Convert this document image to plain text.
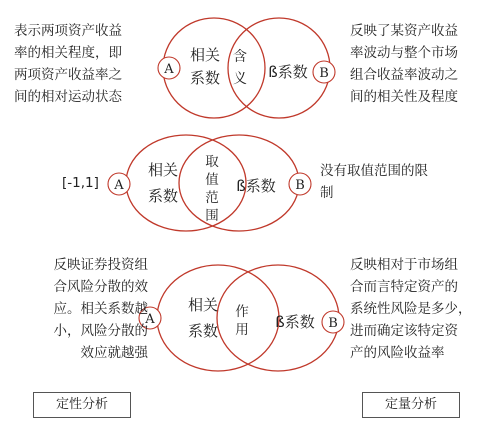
A	B
相关
系数	ß系数
含
义
A	B
相关
系数
ß系数
取
值
范
围
A	B
相关
系数	ß系数
作
用
表示两项资产收益
率的相关程度，即
两项资产收益率之
间的相对运动状态
反映了某资产收益
率波动与整个市场
组合收益率波动之
间的相关性及程度
[-1,1]
没有取值范围的限
制
反映证券投资组
合风险分散的效
应。相关系数越
小，风险分散的
效应就越强
反映相对于市场组
合而言特定资产的
系统性风险是多少，
进而确定该特定资
产的风险收益率
定性分析	定量分析
